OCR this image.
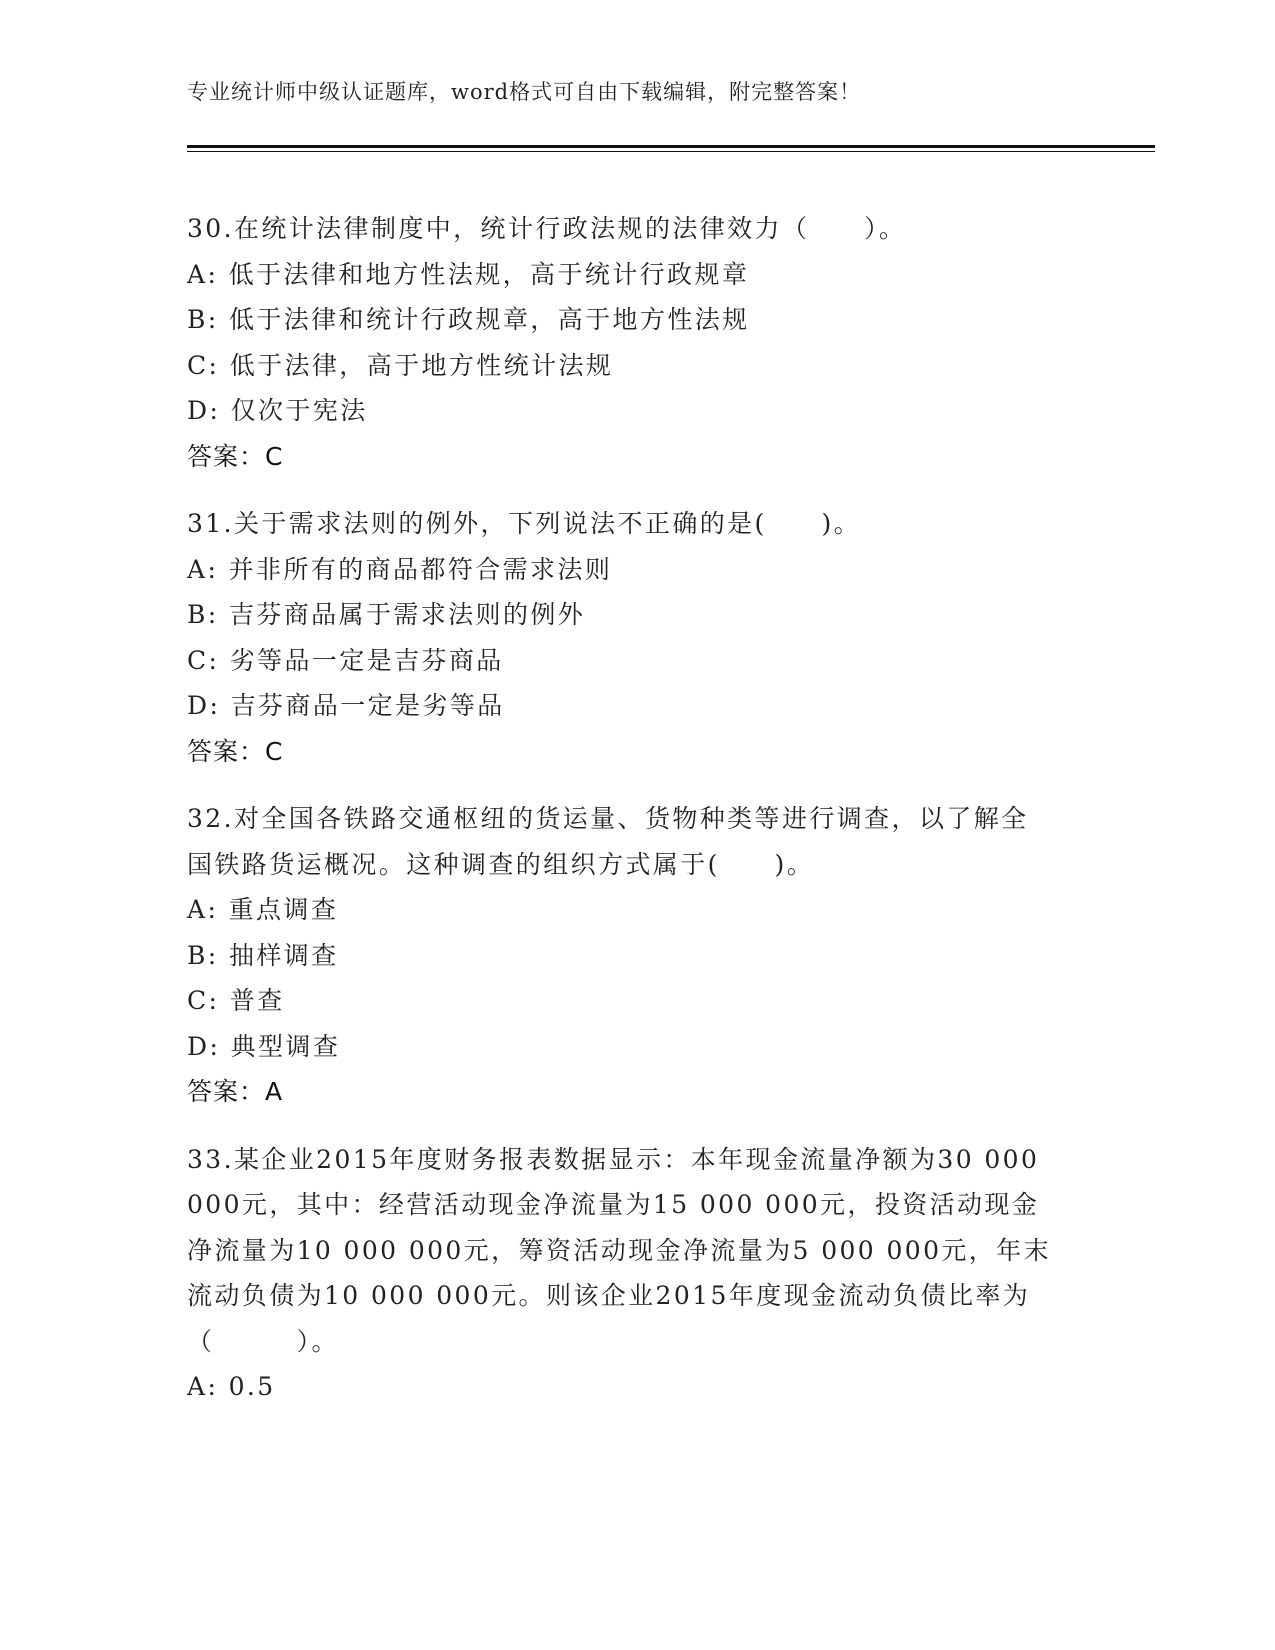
专业统计师中级认证题库，word格式可自由下载编辑，附完整答案！

30.在统计法律制度中，统计行政法规的法律效力（　　）。

A: 低于法律和地方性法规，高于统计行政规章

B: 低于法律和统计行政规章，高于地方性法规

C: 低于法律，高于地方性统计法规

D: 仅次于宪法

答案：C

31.关于需求法则的例外，下列说法不正确的是(　　)。

A: 并非所有的商品都符合需求法则

B: 吉芬商品属于需求法则的例外

C: 劣等品一定是吉芬商品

D: 吉芬商品一定是劣等品

答案：C

32.对全国各铁路交通枢纽的货运量、货物种类等进行调查，以了解全

国铁路货运概况。这种调查的组织方式属于(　　)。

A: 重点调查

B: 抽样调查

C: 普查

D: 典型调查

答案：A

33.某企业2015年度财务报表数据显示：本年现金流量净额为30 000

000元，其中：经营活动现金净流量为15 000 000元，投资活动现金

净流量为10 000 000元，筹资活动现金净流量为5 000 000元，年末

流动负债为10 000 000元。则该企业2015年度现金流动负债比率为

（　　　）。

A: 0.5
